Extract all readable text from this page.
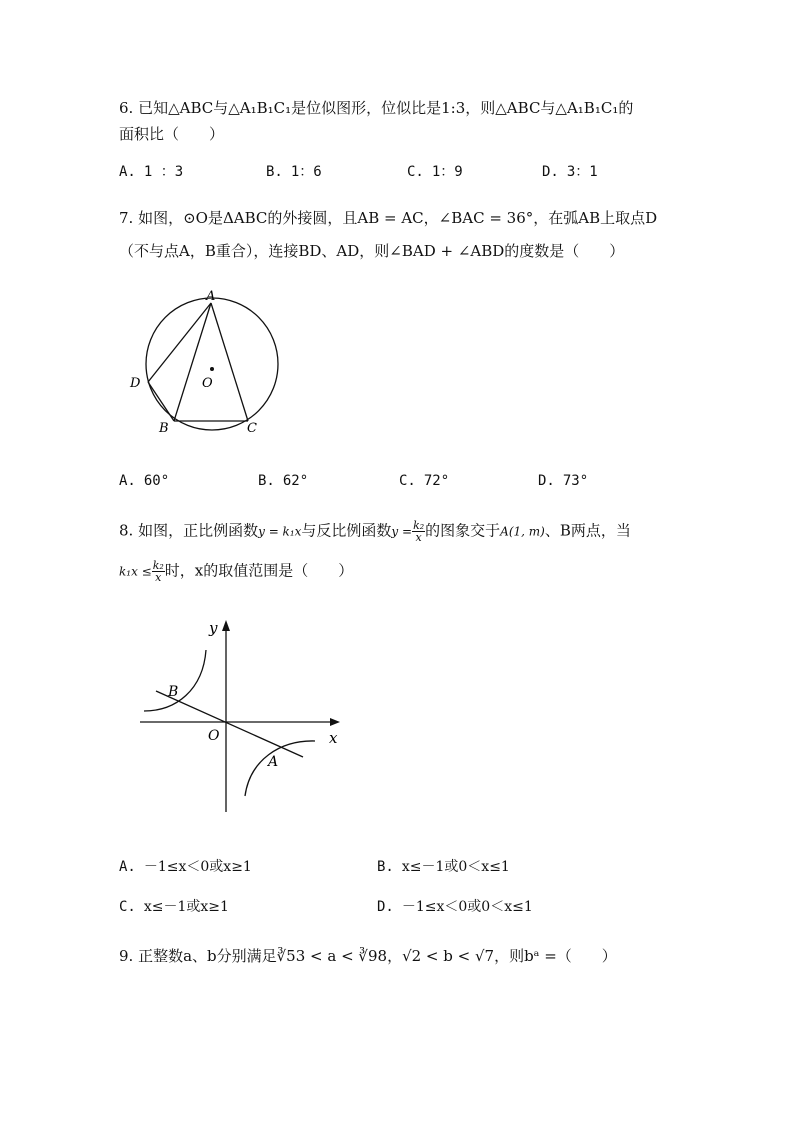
6. 已知△ABC与△A₁B₁C₁是位似图形，位似比是1:3，则△ABC与△A₁B₁C₁的
面积比（　　）
A. 1 ：3	B. 1：6	C. 1：9	D. 3：1
7. 如图，⊙O是ΔABC的外接圆，且AB = AC，∠BAC = 36°，在弧AB上取点D
（不与点A，B重合），连接BD、AD，则∠BAD + ∠ABD的度数是（　　）
A
O
D
B	C
A. 60°	B. 62°	C. 72°	D. 73°
8. 如图，正比例函数y = k₁x与反比例函数$y = \frac{\text{k₂}}{x}$ 的图象交于A(1, m)、B两点，当
$k_1x \le \frac{\text{k₂}}{x}$ 时，x的取值范围是（　　）
y
x
O
B
A
A. －1≤x＜0或x≥1	B. x≤－1或0＜x≤1
C. x≤－1或x≥1	D. －1≤x＜0或0＜x≤1
9. 正整数a、b分别满足∛53 < a < ∛98，√2 < b < √7，则bᵃ =（　　）
